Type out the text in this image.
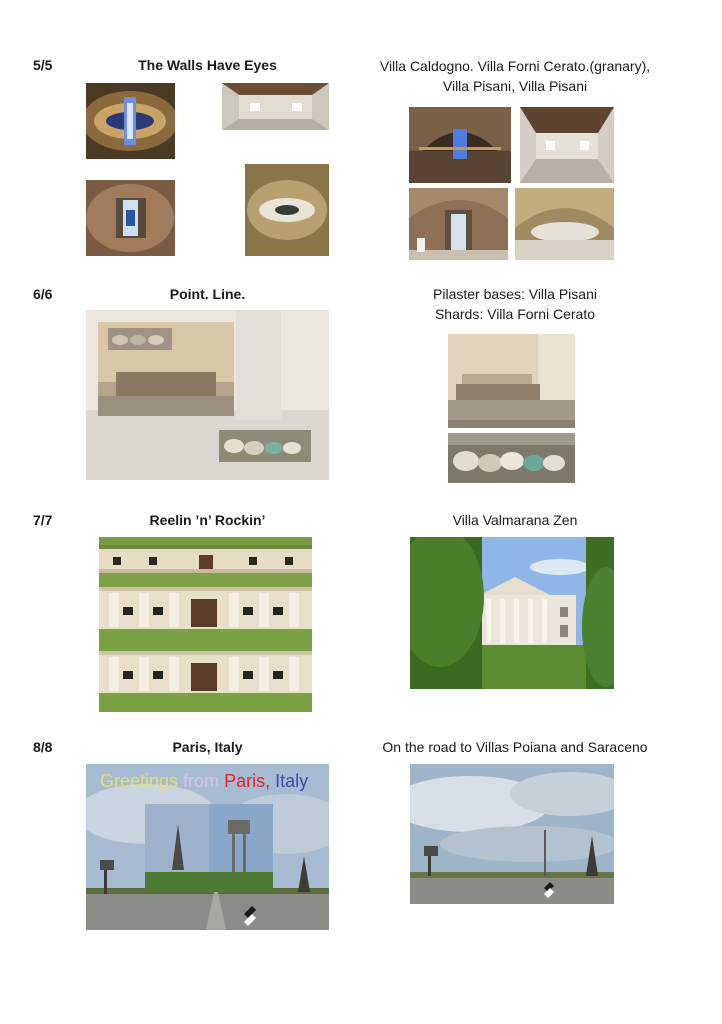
5/5	The Walls Have Eyes	Villa Caldogno. Villa Forni Cerato.(granary),
Villa Pisani, Villa Pisani
6/6	Point. Line.	Pilaster bases: Villa Pisani
Shards: Villa Forni Cerato
7/7	Reelin ’n’ Rockin’	Villa Valmarana Zen
8/8	Paris, Italy	On the road to Villas Poiana and Saraceno
Greetings from Paris, Italy
